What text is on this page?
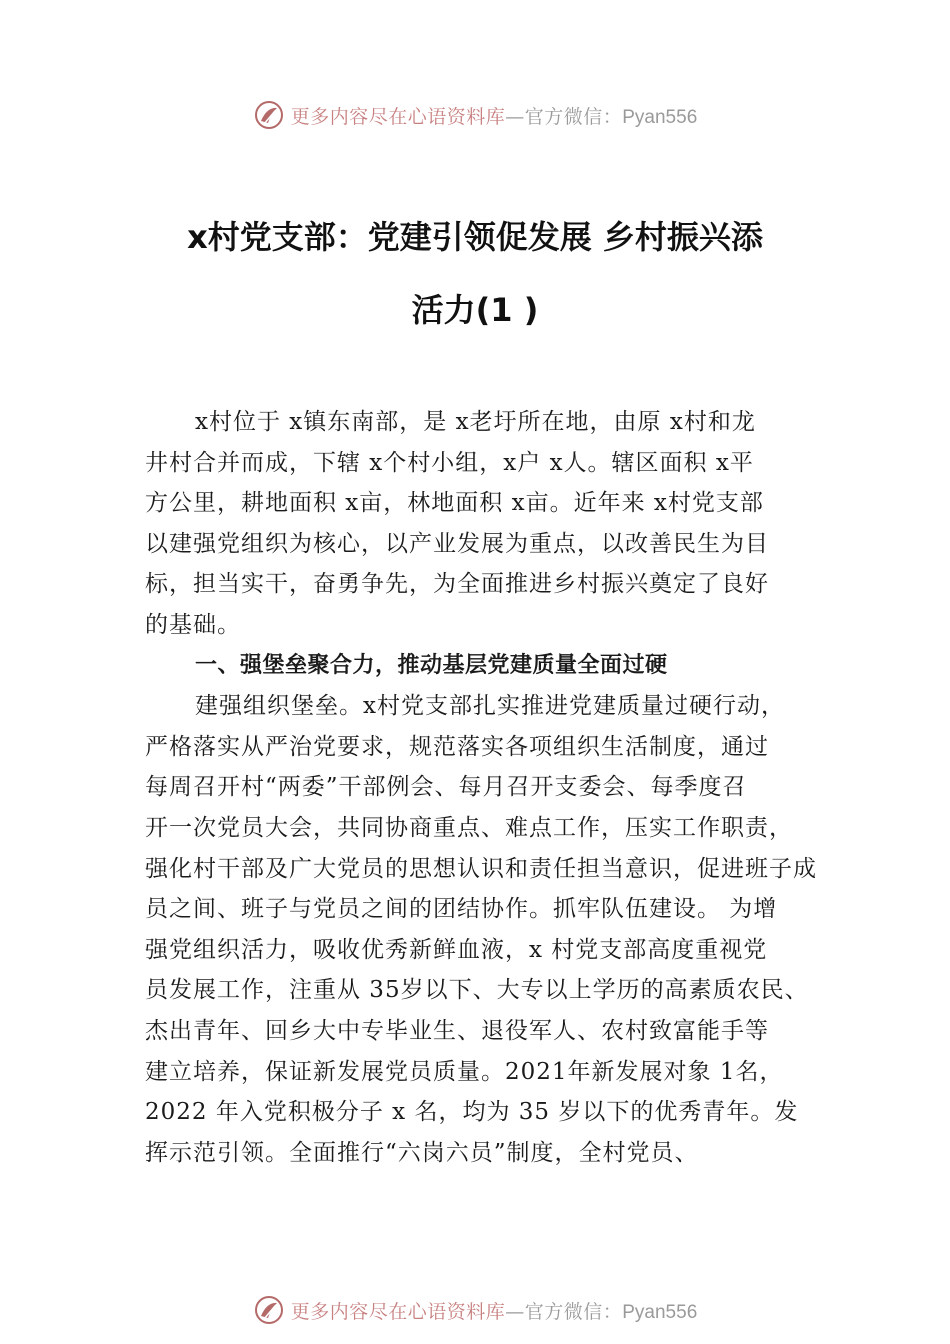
更多内容尽在心语资料库—官方微信：Pyan556
x村党支部：党建引领促发展 乡村振兴添
活力(1 )
x村位于 x镇东南部，是 x老圩所在地，由原 x村和龙
井村合并而成，下辖 x个村小组，x户 x人。辖区面积 x平
方公里，耕地面积 x亩，林地面积 x亩。近年来 x村党支部
以建强党组织为核心，以产业发展为重点，以改善民生为目
标，担当实干，奋勇争先，为全面推进乡村振兴奠定了良好
的基础。
一、强堡垒聚合力，推动基层党建质量全面过硬
建强组织堡垒。x村党支部扎实推进党建质量过硬行动，
严格落实从严治党要求，规范落实各项组织生活制度，通过
每周召开村“两委”干部例会、每月召开支委会、每季度召
开一次党员大会，共同协商重点、难点工作，压实工作职责，
强化村干部及广大党员的思想认识和责任担当意识，促进班子成
员之间、班子与党员之间的团结协作。抓牢队伍建设。 为增
强党组织活力，吸收优秀新鲜血液，x 村党支部高度重视党
员发展工作，注重从 35岁以下、大专以上学历的高素质农民、
杰出青年、回乡大中专毕业生、退役军人、农村致富能手等
建立培养，保证新发展党员质量。2021年新发展对象 1名，
2022 年入党积极分子 x 名，均为 35 岁以下的优秀青年。发
挥示范引领。全面推行“六岗六员”制度，全村党员、
更多内容尽在心语资料库—官方微信：Pyan556
